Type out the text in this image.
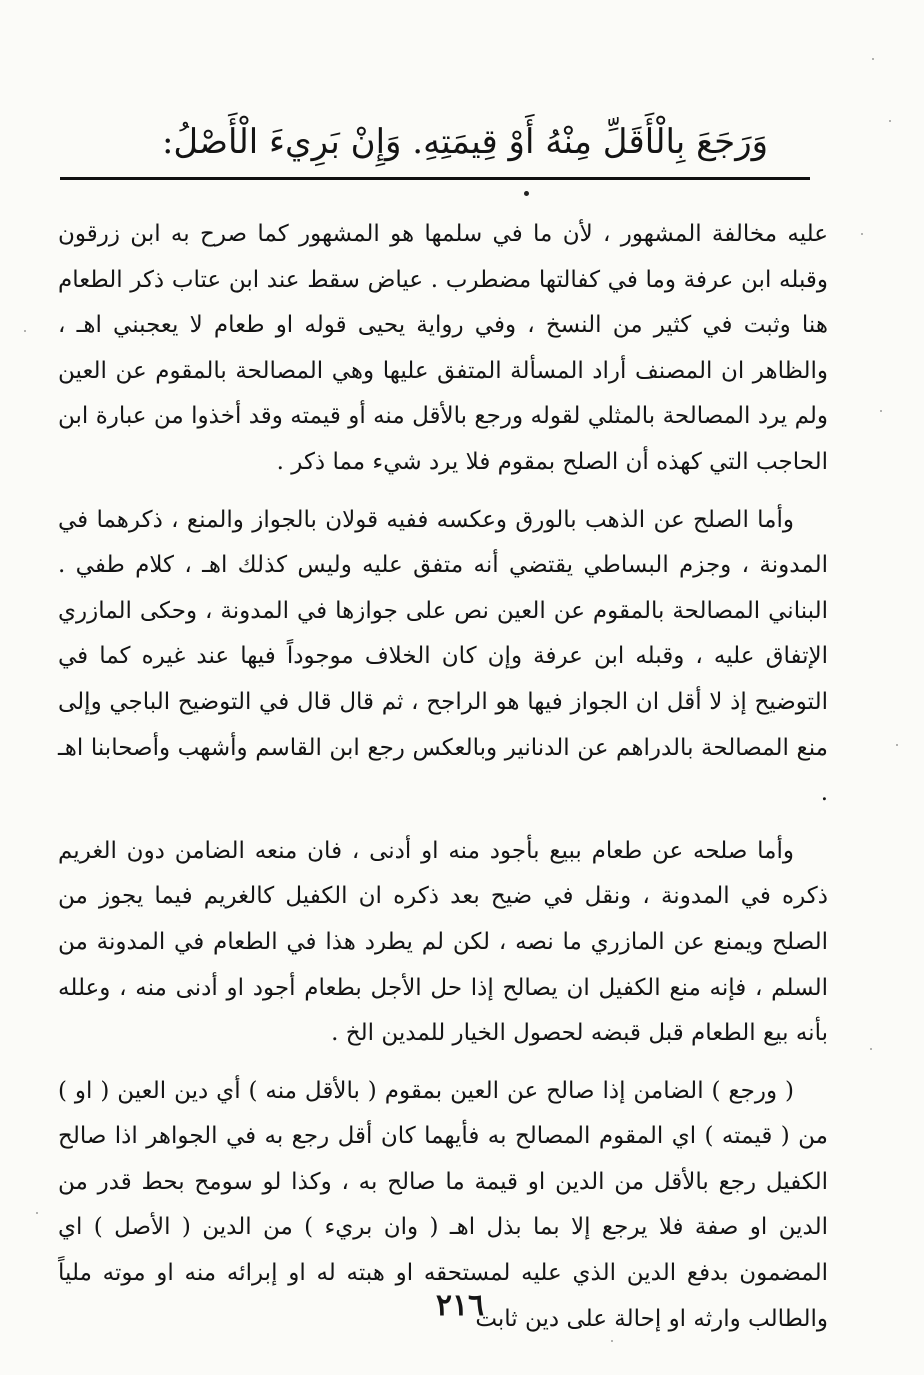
وَرَجَعَ بِالْأَقَلِّ مِنْهُ أَوْ قِيمَتِهِ. وَإِنْ بَرِيءَ الْأَصْلُ:

عليه مخالفة المشهور ، لأن ما في سلمها هو المشهور كما صرح به ابن زرقون وقبله ابن عرفة وما في كفالتها مضطرب . عياض سقط عند ابن عتاب ذكر الطعام هنا وثبت في كثير من النسخ ، وفي رواية يحيى قوله او طعام لا يعجبني اهـ ، والظاهر ان المصنف أراد المسألة المتفق عليها وهي المصالحة بالمقوم عن العين ولم يرد المصالحة بالمثلي لقوله ورجع بالأقل منه أو قيمته وقد أخذوا من عبارة ابن الحاجب التي كهذه أن الصلح بمقوم فلا يرد شيء مما ذكر .

وأما الصلح عن الذهب بالورق وعكسه ففيه قولان بالجواز والمنع ، ذكرهما في المدونة ، وجزم البساطي يقتضي أنه متفق عليه وليس كذلك اهـ ، كلام طفي . البناني المصالحة بالمقوم عن العين نص على جوازها في المدونة ، وحكى المازري الإتفاق عليه ، وقبله ابن عرفة وإن كان الخلاف موجوداً فيها عند غيره كما في التوضيح إذ لا أقل ان الجواز فيها هو الراجح ، ثم قال قال في التوضيح الباجي وإلى منع المصالحة بالدراهم عن الدنانير وبالعكس رجع ابن القاسم وأشهب وأصحابنا اهـ .

وأما صلحه عن طعام ببيع بأجود منه او أدنى ، فان منعه الضامن دون الغريم ذكره في المدونة ، ونقل في ضيح بعد ذكره ان الكفيل كالغريم فيما يجوز من الصلح ويمنع عن المازري ما نصه ، لكن لم يطرد هذا في الطعام في المدونة من السلم ، فإنه منع الكفيل ان يصالح إذا حل الأجل بطعام أجود او أدنى منه ، وعلله بأنه بيع الطعام قبل قبضه لحصول الخيار للمدين الخ .

( ورجع ) الضامن إذا صالح عن العين بمقوم ( بالأقل منه ) أي دين العين ( او ) من ( قيمته ) اي المقوم المصالح به فأيهما كان أقل رجع به في الجواهر اذا صالح الكفيل رجع بالأقل من الدين او قيمة ما صالح به ، وكذا لو سومح بحط قدر من الدين او صفة فلا يرجع إلا بما بذل اهـ ( وان بريء ) من الدين ( الأصل ) اي المضمون بدفع الدين الذي عليه لمستحقه او هبته له او إبرائه منه او موته ملياً والطالب وارثه او إحالة على دين ثابت

٢١٦
